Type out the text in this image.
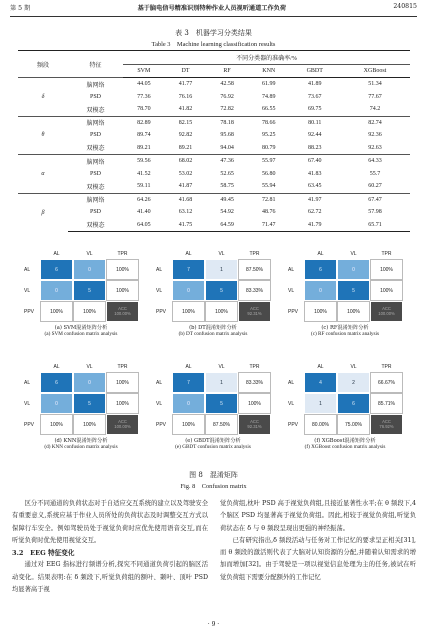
第 5 期	基于脑电信号精准识别特种作业人员视听通道工作负荷	240815
表 3　机器学习分类结果
Table 3　Machine learning classification results
频段	特征	不同分类器的准确率/%					
		SVM	DT	RF	KNN	GBDT	XGBoost
δ	脑网络	44.05	41.77	42.58	61.99	41.89	51.34
	PSD	77.36	76.16	76.92	74.89	73.67	77.67
	双模态	78.70	41.82	72.82	66.55	69.75	74.2
θ	脑网络	82.89	82.15	78.18	78.66	80.11	82.74
	PSD	89.74	92.82	95.68	95.25	92.44	92.36
	双模态	89.21	89.21	94.04	80.79	88.23	92.63
α	脑网络	59.56	68.02	47.36	55.97	67.40	64.33
	PSD	41.52	53.02	52.65	56.80	41.83	55.7
	双模态	59.11	41.87	58.75	55.94	63.45	60.27
β	脑网络	64.26	41.68	49.45	72.81	41.97	67.47
	PSD	41.40	63.12	54.92	48.76	62.72	57.98
	双模态	64.05	41.75	64.59	71.47	41.79	65.71
AL	VL	TPR
AL	6	0	100%
VL	0	5	100%
PPV	100%	100%
ACC
100.00%
(a) SVM混淆矩阵分析
(a) SVM confusion matrix analysis
AL	VL	TPR
AL	7	1	87.50%
VL	0	5	83.33%
PPV	100%	100%
ACC
92.31%
(b) DT混淆矩阵分析
(b) DT confusion matrix analysis
AL	VL	TPR
AL	6	0	100%
VL	0	5	100%
PPV	100%	100%
ACC
100.00%
(c) RF混淆矩阵分析
(c) RF confusion matrix analysis
AL	VL	TPR
AL	6	0	100%
VL	0	5	100%
PPV	100%	100%
ACC
100.00%
(d) KNN混淆矩阵分析
(d) KNN confusion matrix analysis
AL	VL	TPR
AL	7	1	83.33%
VL	0	5	100%
PPV	100%	87.50%
ACC
92.31%
(e) GBDT混淆矩阵分析
(e) GBDT confusion matrix analysis
AL	VL	TPR
AL	4	2	66.67%
VL	1	6	85.71%
PPV	80.00%	75.00%
ACC
76.92%
(f) XGBoost混淆矩阵分析
(f) XGBoost confusion matrix analysis
图 8　混淆矩阵
Fig. 8　Confusion matrix

区分不同通道的负荷状态对于自适应交互系统的建立以及驾驶安全有重要意义,系统应基于作业人员所处的负荷状态及时调整交互方式以保障行车安全。例如驾驶员处于视觉负荷时应优先使用语音交互,而在听觉负荷时优先使用视觉交互。

3.2　EEG 特征变化

通过对 EEG 指标进行频谱分析,探究不同通道负荷引起的脑区活动变化。结果表明:在 δ 频段下,听觉负荷组的额叶、颞叶、顶叶 PSD 均显著高于视

觉负荷组,枕叶 PSD 高于视觉负荷组,且接近显著性水平;在 θ 频段下,4 个脑区 PSD 均显著高于视觉负荷组。因此,相较于视觉负荷组,听觉负荷状态在 δ 与 θ 频段呈现出更强的神经振荡。

已有研究指出,δ 频段活动与任务对工作记忆的要求呈正相关[31],而 θ 频段的激活则代表了大脑对认知资源的分配,并随着认知需求的增加而增加[32]。由于驾驶是一项以视觉信息处理为主的任务,被试在听觉负荷组下需要分配额外的工作记忆

· 9 ·
